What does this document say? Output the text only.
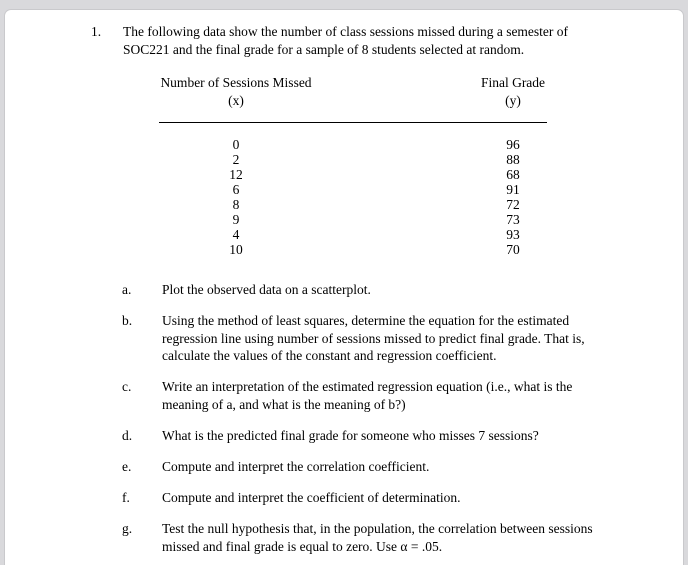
1.	The following data show the number of class sessions missed during a semester of SOC221 and the final grade for a sample of 8 students selected at random.
Number of Sessions Missed
(x)
Final Grade
(y)
0	96
2	88
12	68
6	91
8	72
9	73
4	93
10	70
a.	Plot the observed data on a scatterplot.
b.	Using the method of least squares, determine the equation for the estimated regression line using number of sessions missed to predict final grade. That is, calculate the values of the constant and regression coefficient.
c.	Write an interpretation of the estimated regression equation (i.e., what is the meaning of a, and what is the meaning of b?)
d.	What is the predicted final grade for someone who misses 7 sessions?
e.	Compute and interpret the correlation coefficient.
f.	Compute and interpret the coefficient of determination.
g.	Test the null hypothesis that, in the population, the correlation between sessions missed and final grade is equal to zero. Use α = .05.
